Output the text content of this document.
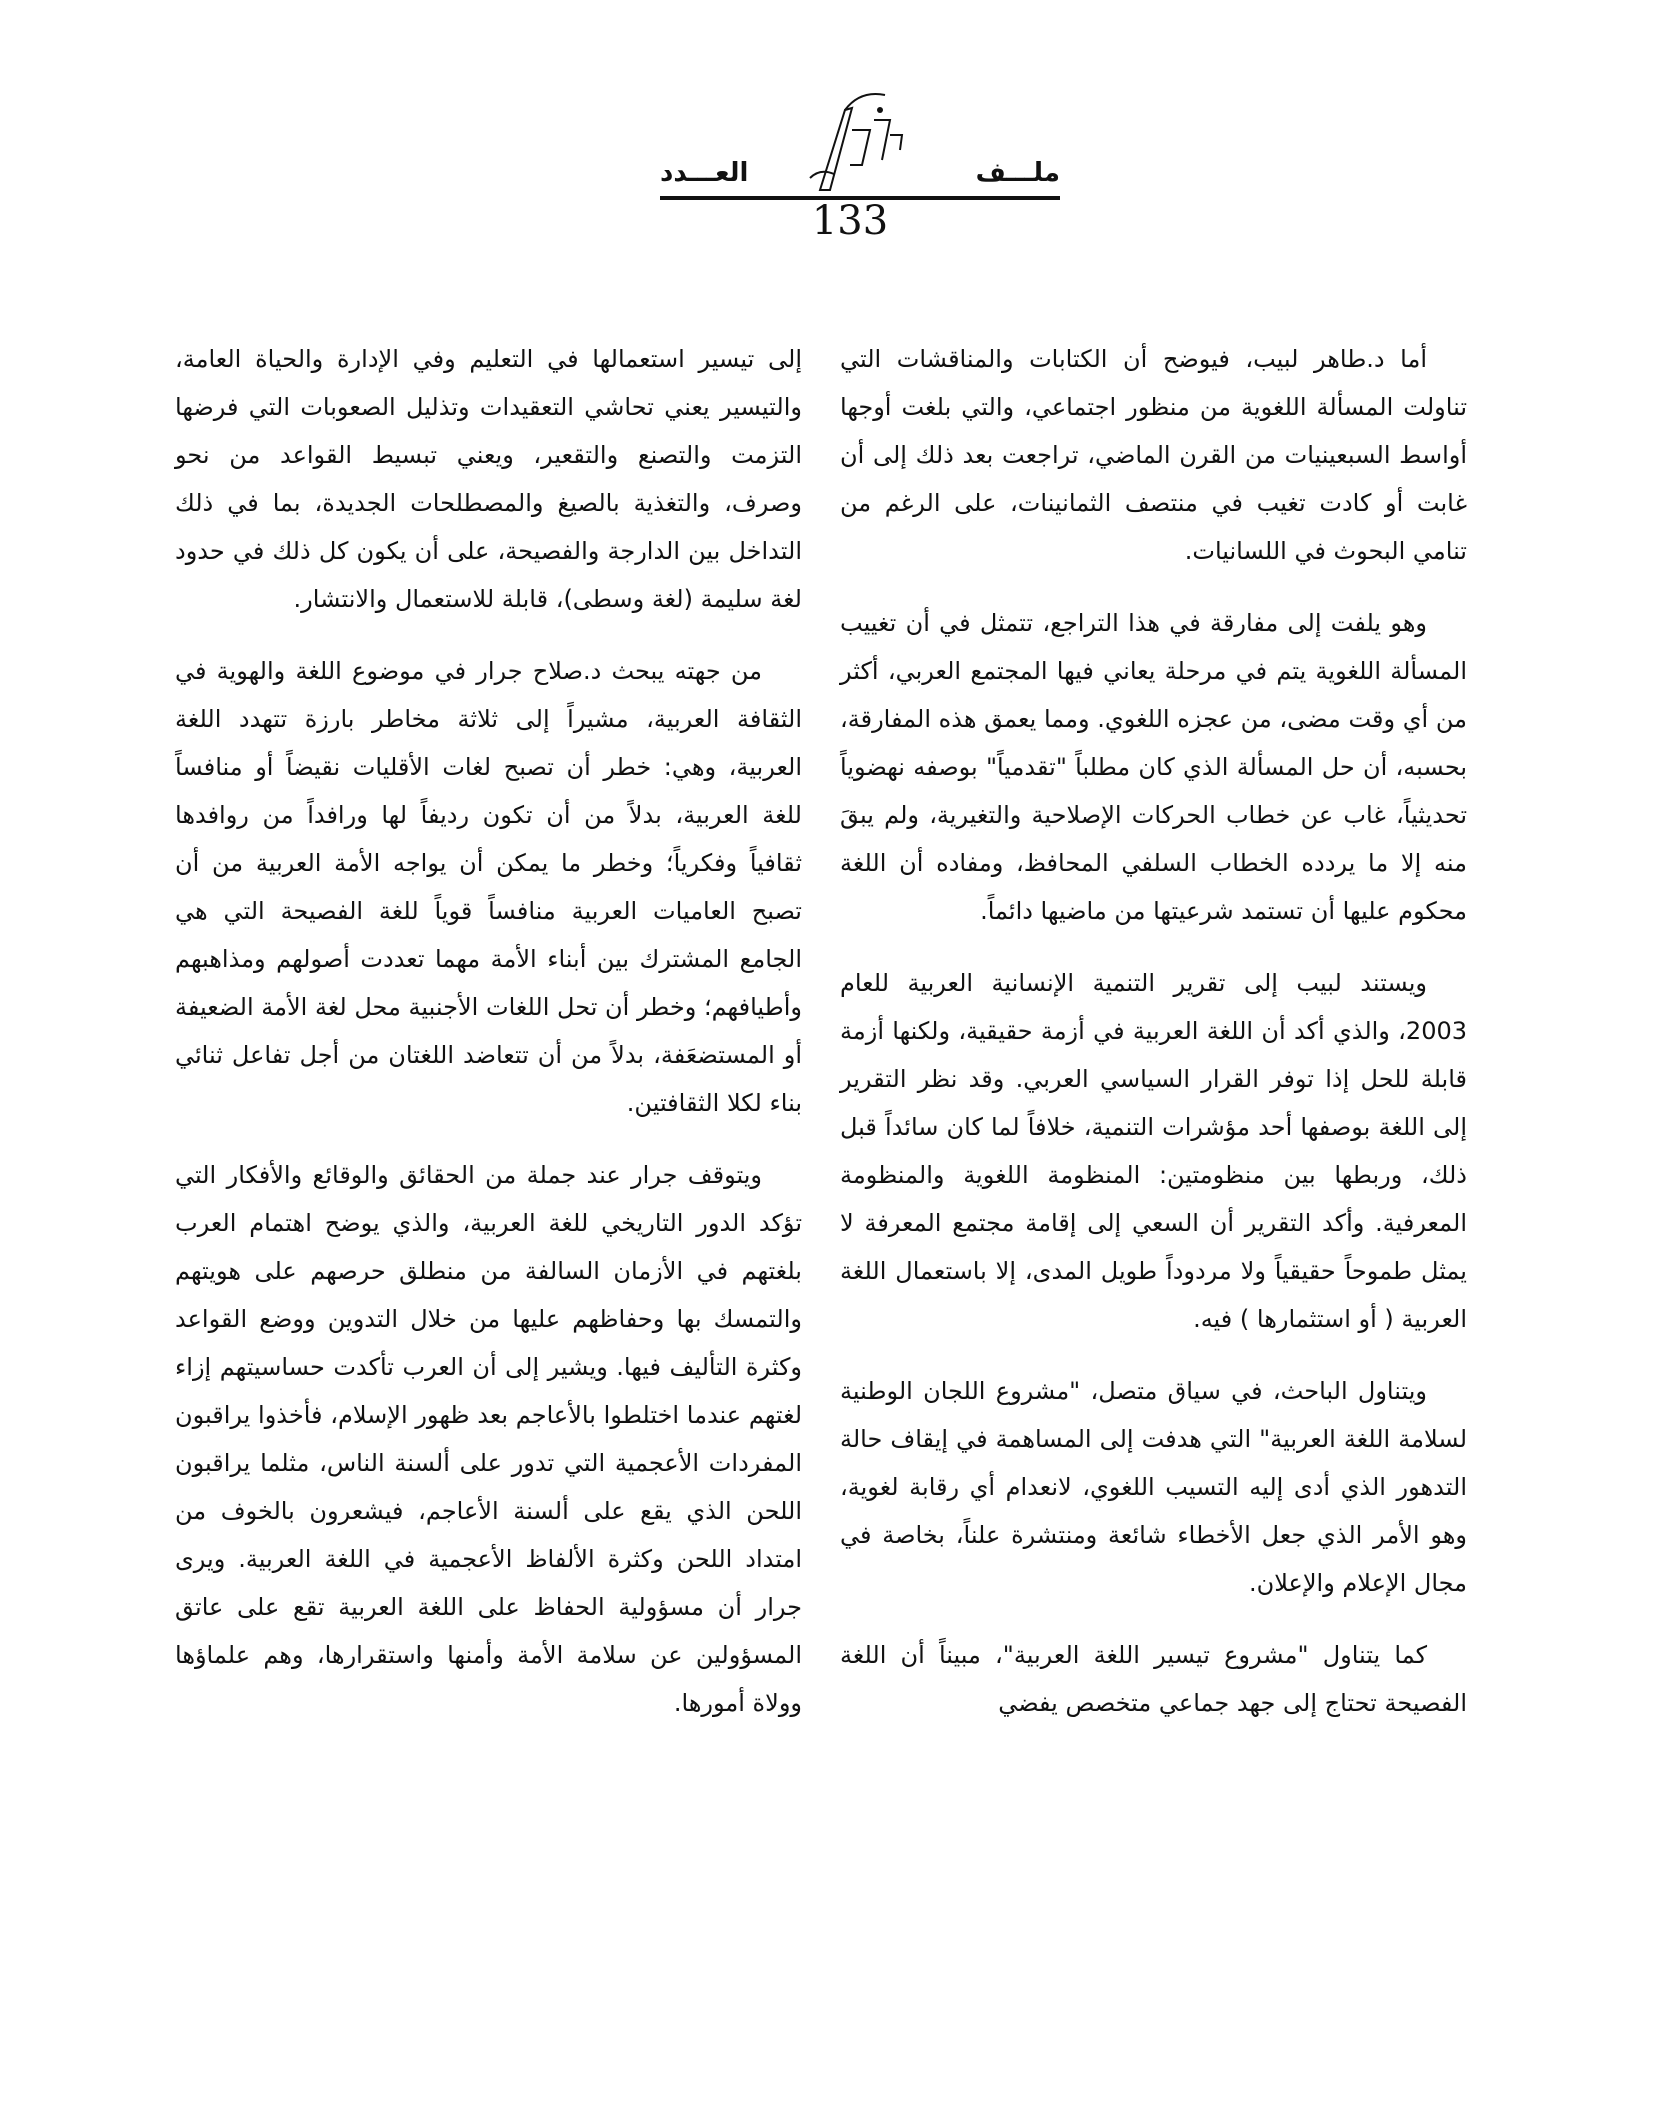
ملـــف
العـــدد
133

أما د.طاهر لبيب، فيوضح أن الكتابات والمناقشات التي تناولت المسألة اللغوية من منظور اجتماعي، والتي بلغت أوجها أواسط السبعينيات من القرن الماضي، تراجعت بعد ذلك إلى أن غابت أو كادت تغيب في منتصف الثمانينات، على الرغم من تنامي البحوث في اللسانيات.

وهو يلفت إلى مفارقة في هذا التراجع، تتمثل في أن تغييب المسألة اللغوية يتم في مرحلة يعاني فيها المجتمع العربي، أكثر من أي وقت مضى، من عجزه اللغوي. ومما يعمق هذه المفارقة، بحسبه، أن حل المسألة الذي كان مطلباً "تقدمياً" بوصفه نهضوياً تحديثياً، غاب عن خطاب الحركات الإصلاحية والتغيرية، ولم يبقَ منه إلا ما يردده الخطاب السلفي المحافظ، ومفاده أن اللغة محكوم عليها أن تستمد شرعيتها من ماضيها دائماً.

ويستند لبيب إلى تقرير التنمية الإنسانية العربية للعام 2003، والذي أكد أن اللغة العربية في أزمة حقيقية، ولكنها أزمة قابلة للحل إذا توفر القرار السياسي العربي. وقد نظر التقرير إلى اللغة بوصفها أحد مؤشرات التنمية، خلافاً لما كان سائداً قبل ذلك، وربطها بين منظومتين: المنظومة اللغوية والمنظومة المعرفية. وأكد التقرير أن السعي إلى إقامة مجتمع المعرفة لا يمثل طموحاً حقيقياً ولا مردوداً طويل المدى، إلا باستعمال اللغة العربية ( أو استثمارها ) فيه.

ويتناول الباحث، في سياق متصل، "مشروع اللجان الوطنية لسلامة اللغة العربية" التي هدفت إلى المساهمة في إيقاف حالة التدهور الذي أدى إليه التسيب اللغوي، لانعدام أي رقابة لغوية، وهو الأمر الذي جعل الأخطاء شائعة ومنتشرة علناً، بخاصة في مجال الإعلام والإعلان.

كما يتناول "مشروع تيسير اللغة العربية"، مبيناً أن اللغة الفصيحة تحتاج إلى جهد جماعي متخصص يفضي

إلى تيسير استعمالها في التعليم وفي الإدارة والحياة العامة، والتيسير يعني تحاشي التعقيدات وتذليل الصعوبات التي فرضها التزمت والتصنع والتقعير، ويعني تبسيط القواعد من نحو وصرف، والتغذية بالصيغ والمصطلحات الجديدة، بما في ذلك التداخل بين الدارجة والفصيحة، على أن يكون كل ذلك في حدود لغة سليمة (لغة وسطى)، قابلة للاستعمال والانتشار.

من جهته يبحث د.صلاح جرار في موضوع اللغة والهوية في الثقافة العربية، مشيراً إلى ثلاثة مخاطر بارزة تتهدد اللغة العربية، وهي: خطر أن تصبح لغات الأقليات نقيضاً أو منافساً للغة العربية، بدلاً من أن تكون رديفاً لها ورافداً من روافدها ثقافياً وفكرياً؛ وخطر ما يمكن أن يواجه الأمة العربية من أن تصبح العاميات العربية منافساً قوياً للغة الفصيحة التي هي الجامع المشترك بين أبناء الأمة مهما تعددت أصولهم ومذاهبهم وأطيافهم؛ وخطر أن تحل اللغات الأجنبية محل لغة الأمة الضعيفة أو المستضعَفة، بدلاً من أن تتعاضد اللغتان من أجل تفاعل ثنائي بناء لكلا الثقافتين.

ويتوقف جرار عند جملة من الحقائق والوقائع والأفكار التي تؤكد الدور التاريخي للغة العربية، والذي يوضح اهتمام العرب بلغتهم في الأزمان السالفة من منطلق حرصهم على هويتهم والتمسك بها وحفاظهم عليها من خلال التدوين ووضع القواعد وكثرة التأليف فيها. ويشير إلى أن العرب تأكدت حساسيتهم إزاء لغتهم عندما اختلطوا بالأعاجم بعد ظهور الإسلام، فأخذوا يراقبون المفردات الأعجمية التي تدور على ألسنة الناس، مثلما يراقبون اللحن الذي يقع على ألسنة الأعاجم، فيشعرون بالخوف من امتداد اللحن وكثرة الألفاظ الأعجمية في اللغة العربية. ويرى جرار أن مسؤولية الحفاظ على اللغة العربية تقع على عاتق المسؤولين عن سلامة الأمة وأمنها واستقرارها، وهم علماؤها وولاة أمورها.
